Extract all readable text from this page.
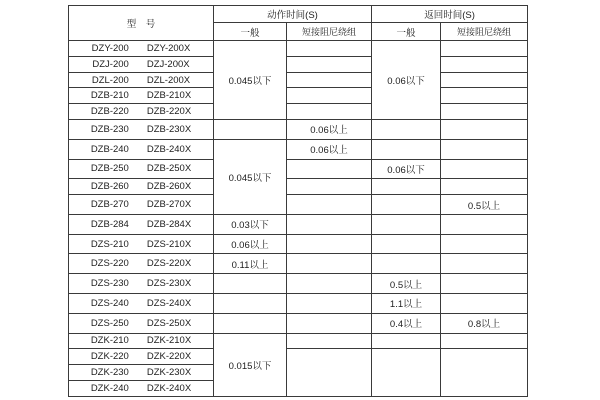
型　号	动作时间(S)		返回时间(S)	
	一般	短接阻尼绕组	一般	短接阻尼绕组

DZY-200 DZY-200X	0.045以下		0.06以下	

DZJ-200 DZJ-200X				

DZL-200 DZL-200X				

DZB-210 DZB-210X				

DZB-220 DZB-220X				

DZB-230 DZB-230X		0.06以上		

DZB-240 DZB-240X	0.045以下	0.06以上		

DZB-250 DZB-250X			0.06以下	

DZB-260 DZB-260X				

DZB-270 DZB-270X				0.5以上

DZB-284 DZB-284X	0.03以下			

DZS-210 DZS-210X	0.06以上			

DZS-220 DZS-220X	0.11以上			

DZS-230 DZS-230X			0.5以上	

DZS-240 DZS-240X			1.1以上	

DZS-250 DZS-250X			0.4以上	0.8以上

DZK-210 DZK-210X	0.015以下			

DZK-220 DZK-220X				

DZK-230 DZK-230X				

DZK-240 DZK-240X				
